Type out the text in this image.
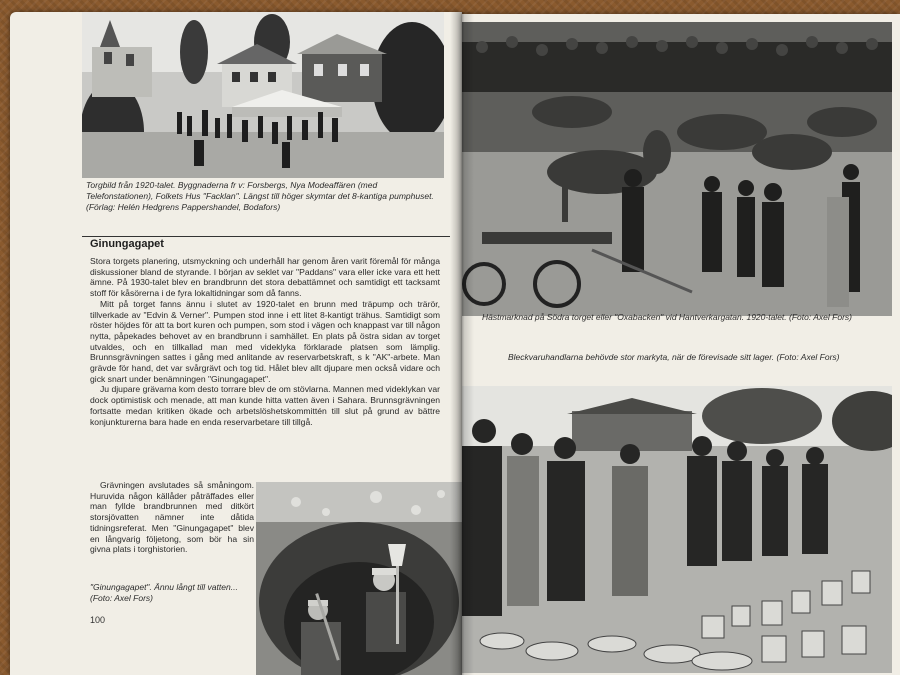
Torgbild från 1920-talet. Byggnaderna fr v: Forsbergs, Nya Modeaffären (med Telefonstationen), Folkets Hus "Facklan". Längst till höger skymtar det 8-kantiga pumphuset. (Förlag: Helén Hedgrens Pappershandel, Bodafors)

Ginungagapet

Stora torgets planering, utsmyckning och underhåll har genom åren varit föremål för många diskussioner bland de styrande. I början av seklet var "Paddans" vara eller icke vara ett hett ämne. På 1930-talet blev en brandbrunn det stora debattämnet och samtidigt ett tacksamt stoff för kåsörerna i de fyra lokaltidningar som då fanns.

Mitt på torget fanns ännu i slutet av 1920-talet en brunn med träpump och trärör, tillverkade av "Edvin & Verner". Pumpen stod inne i ett litet 8-kantigt trähus. Samtidigt som röster höjdes för att ta bort kuren och pumpen, som stod i vägen och knappast var till någon nytta, påpekades behovet av en brandbrunn i samhället. En plats på östra sidan av torget utvaldes, och en tillkallad man med videklyka förklarade platsen som lämplig. Brunnsgrävningen sattes i gång med anlitande av reservarbetskraft, s k "AK"-arbete. Man grävde för hand, det var svårgrävt och tog tid. Hålet blev allt djupare men också vidare och gick snart under benämningen "Ginungagapet".

Ju djupare grävarna kom desto torrare blev de om stövlarna. Mannen med videklykan var dock optimistisk och menade, att man kunde hitta vatten även i Sahara. Brunnsgrävningen fortsatte medan kritiken ökade och arbetslöshetskommittén till slut på grund av bättre konjunkturerna bara hade en enda reservarbetare till tillgå.

Grävningen avslutades så småningom. Huruvida någon källåder påträffades eller man fyllde brandbrunnen med ditkört storsjövatten nämner inte dåtida tidningsreferat. Men "Ginungagapet" blev en långvarig följetong, som bör ha sin givna plats i torghistorien.

"Ginungagapet". Ännu långt till vatten... (Foto: Axel Fors)

100

Hästmarknad på Södra torget eller "Oxabacken" vid Hantverkargatan. 1920-talet. (Foto: Axel Fors)

Bleckvaruhandlarna behövde stor markyta, när de förevisade sitt lager. (Foto: Axel Fors)
